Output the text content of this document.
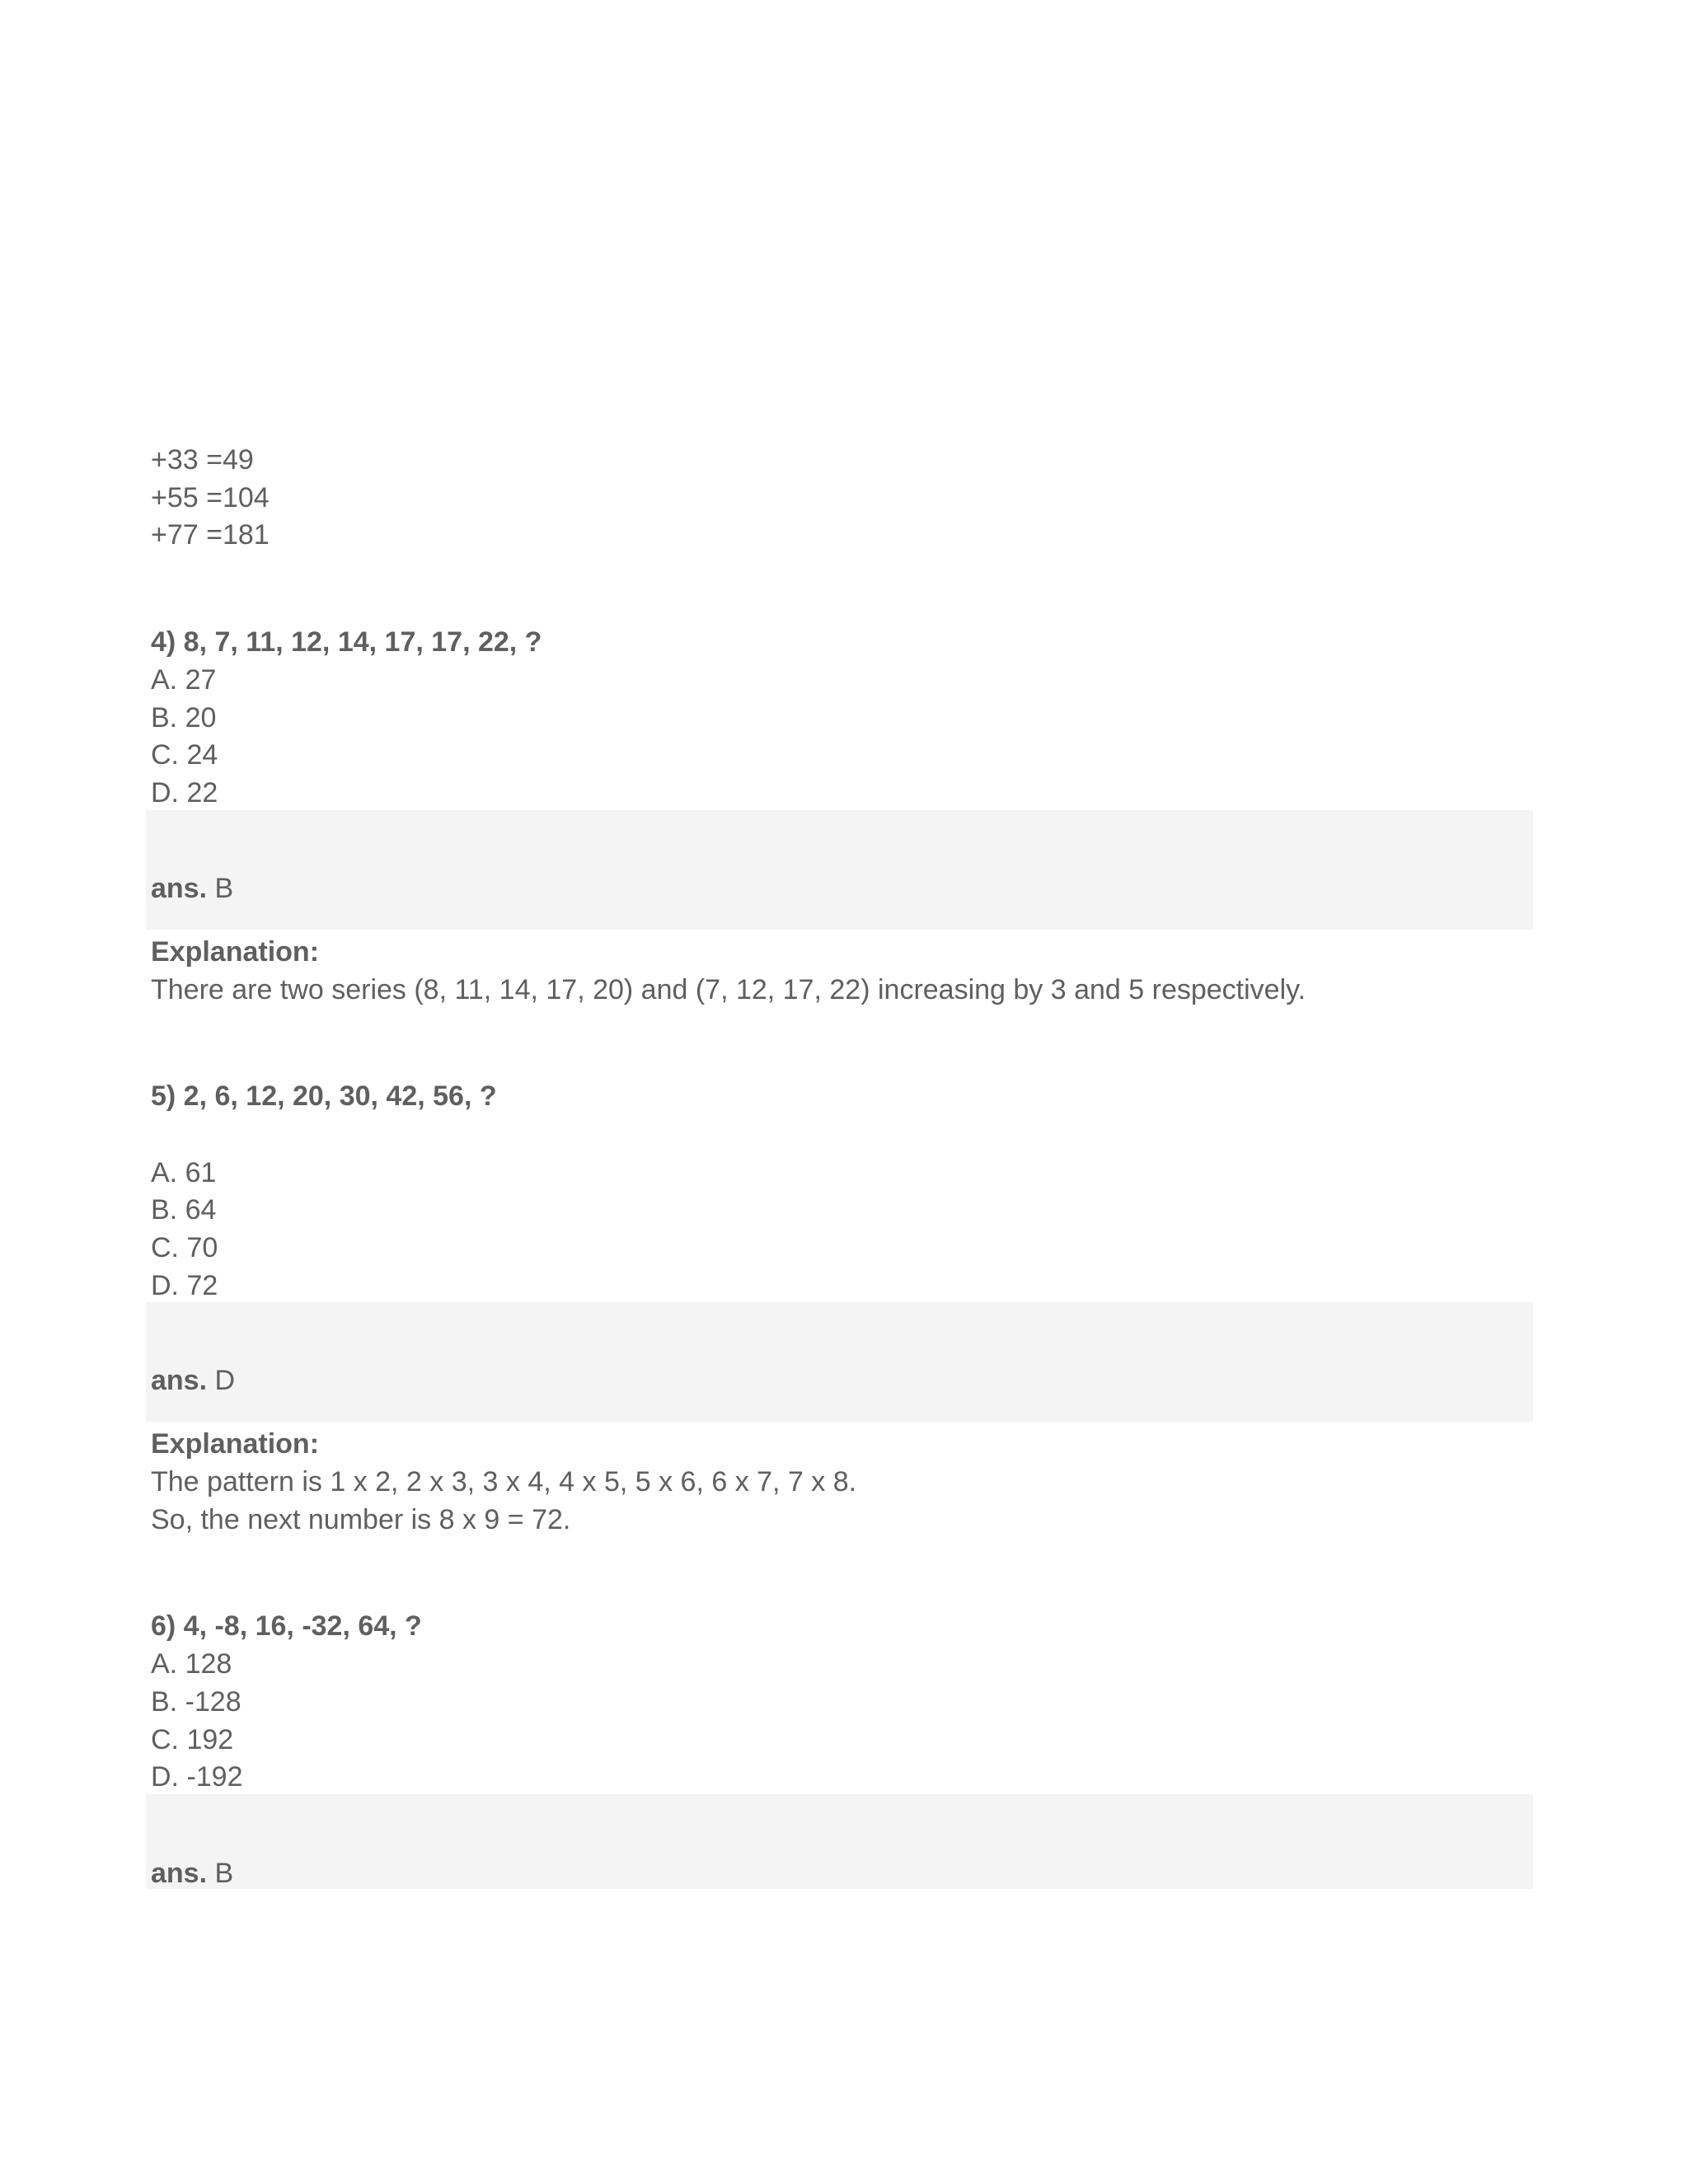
+33 =49
+55 =104
+77 =181
4) 8, 7, 11, 12, 14, 17, 17, 22, ?
A. 27
B. 20
C. 24
D. 22
ans. B
Explanation:
There are two series (8, 11, 14, 17, 20) and (7, 12, 17, 22) increasing by 3 and 5 respectively.
5) 2, 6, 12, 20, 30, 42, 56, ?
A. 61
B. 64
C. 70
D. 72
ans. D
Explanation:
The pattern is 1 x 2, 2 x 3, 3 x 4, 4 x 5, 5 x 6, 6 x 7, 7 x 8.
So, the next number is 8 x 9 = 72.
6) 4, -8, 16, -32, 64, ?
A. 128
B. -128
C. 192
D. -192
ans. B
